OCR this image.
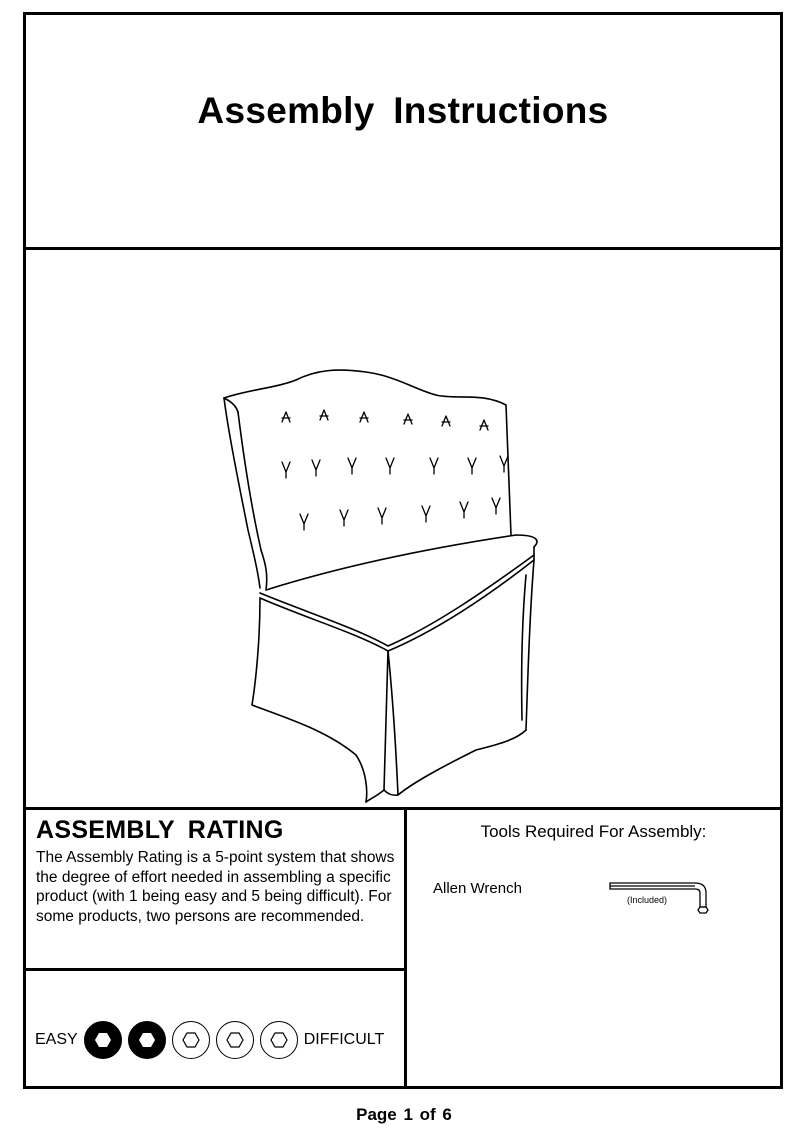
Assembly Instructions
ASSEMBLY RATING
The Assembly Rating is a 5-point system that shows the degree of effort needed in assembling a specific product (with 1 being easy and 5 being difficult). For some products, two persons are recommended.
EASY	DIFFICULT
Tools Required For Assembly:
Allen Wrench
(Included)
Page 1 of 6
